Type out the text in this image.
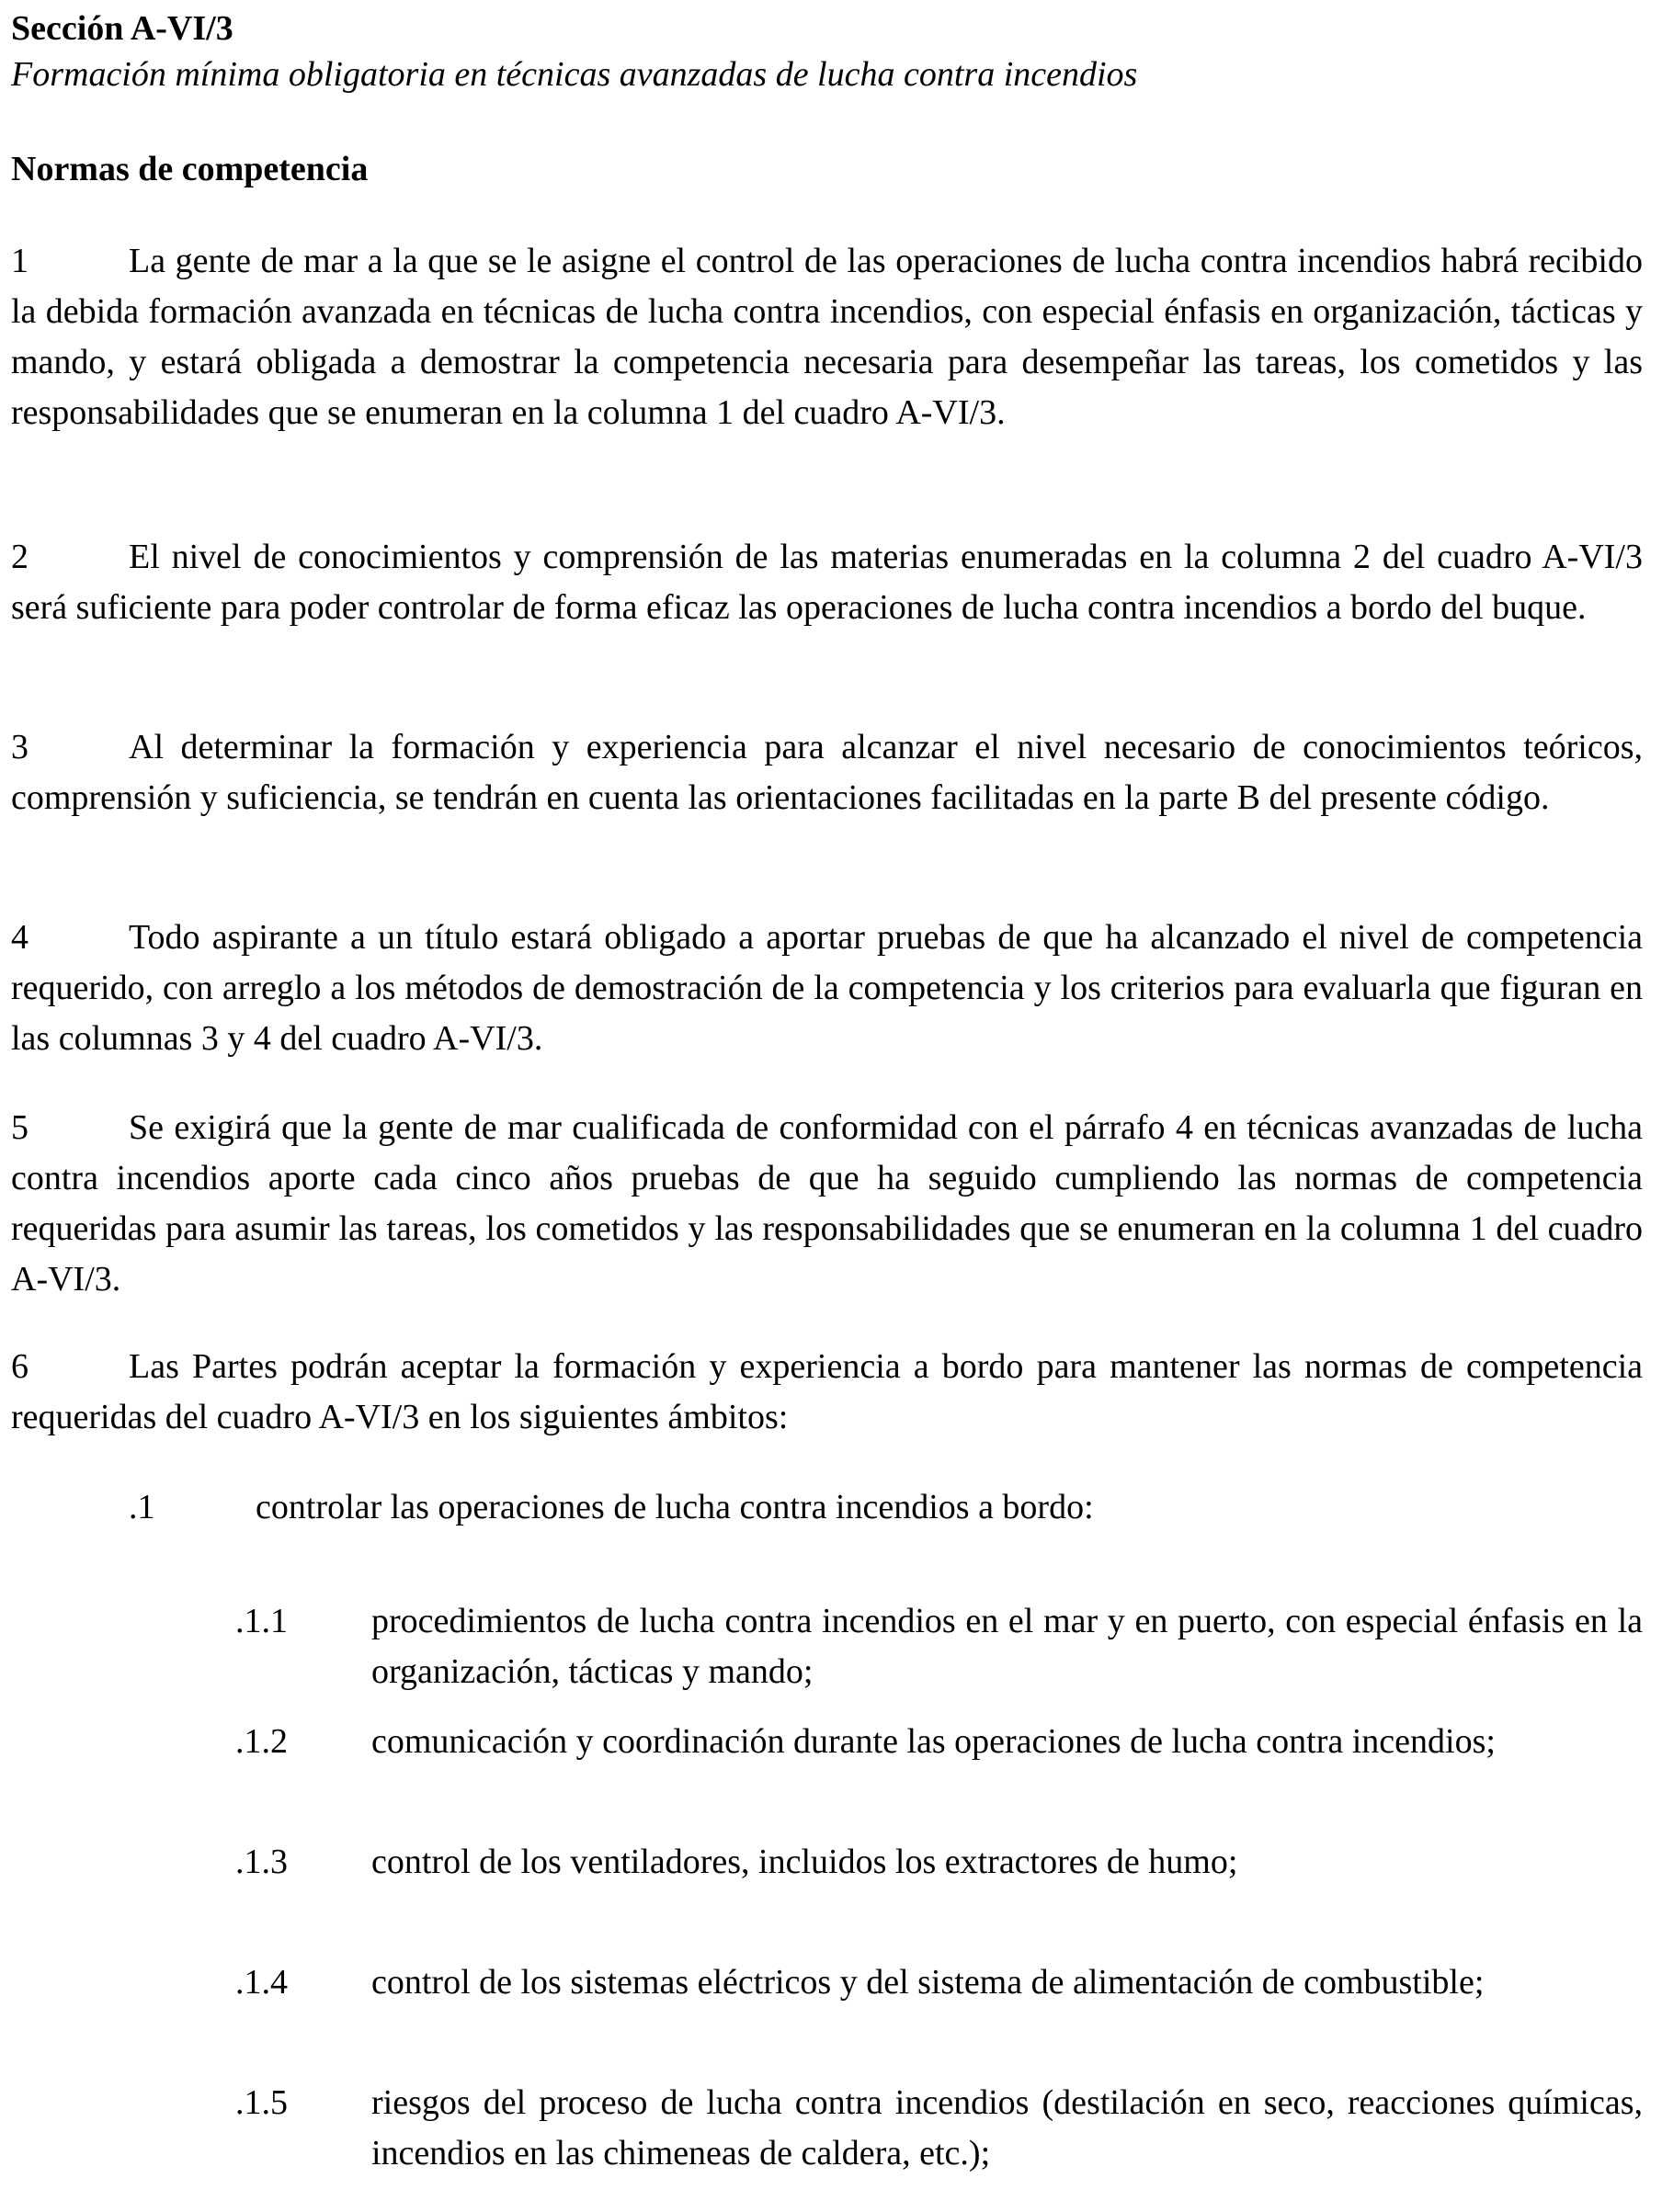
Sección A-VI/3
Formación mínima obligatoria en técnicas avanzadas de lucha contra incendios
Normas de competencia

1	La gente de mar a la que se le asigne el control de las operaciones de lucha contra incendios habrá recibido la debida formación avanzada en técnicas de lucha contra incendios, con especial énfasis en organización, tácticas y mando, y estará obligada a demostrar la competencia necesaria para desempeñar las tareas, los cometidos y las responsabilidades que se enumeran en la columna 1 del cuadro A-VI/3.

2	El nivel de conocimientos y comprensión de las materias enumeradas en la columna 2 del cuadro A-VI/3 será suficiente para poder controlar de forma eficaz las operaciones de lucha contra incendios a bordo del buque.

3	Al determinar la formación y experiencia para alcanzar el nivel necesario de conocimientos teóricos, comprensión y suficiencia, se tendrán en cuenta las orientaciones facilitadas en la parte B del presente código.

4	Todo aspirante a un título estará obligado a aportar pruebas de que ha alcanzado el nivel de competencia requerido, con arreglo a los métodos de demostración de la competencia y los criterios para evaluarla que figuran en las columnas 3 y 4 del cuadro A-VI/3.

5	Se exigirá que la gente de mar cualificada de conformidad con el párrafo 4 en técnicas avanzadas de lucha contra incendios aporte cada cinco años pruebas de que ha seguido cumpliendo las normas de competencia requeridas para asumir las tareas, los cometidos y las responsabilidades que se enumeran en la columna 1 del cuadro A-VI/3.

6	Las Partes podrán aceptar la formación y experiencia a bordo para mantener las normas de competencia requeridas del cuadro A-VI/3 en los siguientes ámbitos:

.1	controlar las operaciones de lucha contra incendios a bordo:
.1.1 procedimientos de lucha contra incendios en el mar y en puerto, con especial énfasis en la organización, tácticas y mando;
.1.2 comunicación y coordinación durante las operaciones de lucha contra incendios;
.1.3 control de los ventiladores, incluidos los extractores de humo;
.1.4 control de los sistemas eléctricos y del sistema de alimentación de combustible;
.1.5 riesgos del proceso de lucha contra incendios (destilación en seco, reacciones químicas, incendios en las chimeneas de caldera, etc.);
